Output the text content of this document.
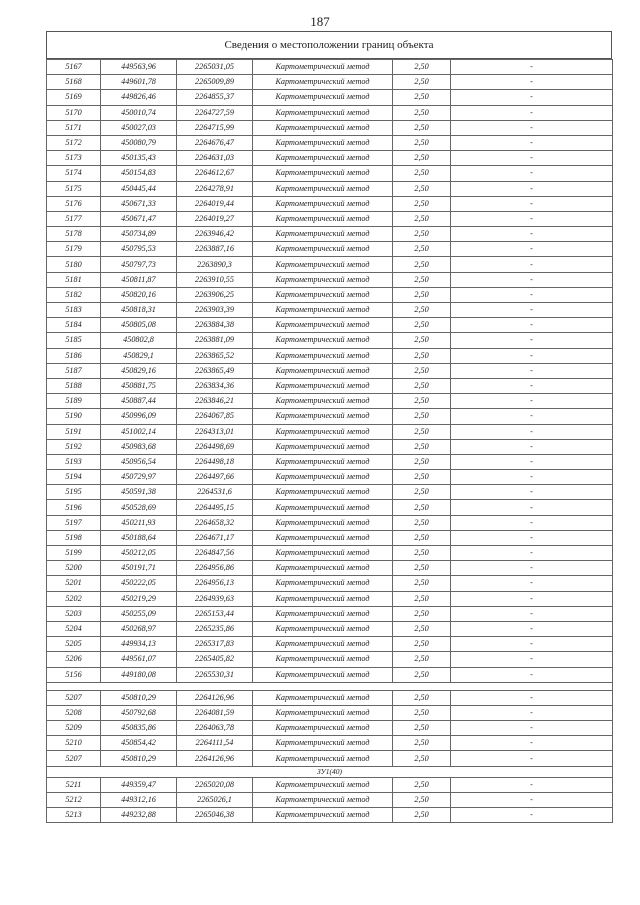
187
Сведения о местоположении границ объекта
5167	449563,96	2265031,05	Картометрический метод	2,50	-
5168	449601,78	2265009,89	Картометрический метод	2,50	-
5169	449826,46	2264855,37	Картометрический метод	2,50	-
5170	450010,74	2264727,59	Картометрический метод	2,50	-
5171	450027,03	2264715,99	Картометрический метод	2,50	-
5172	450080,79	2264676,47	Картометрический метод	2,50	-
5173	450135,43	2264631,03	Картометрический метод	2,50	-
5174	450154,83	2264612,67	Картометрический метод	2,50	-
5175	450445,44	2264278,91	Картометрический метод	2,50	-
5176	450671,33	2264019,44	Картометрический метод	2,50	-
5177	450671,47	2264019,27	Картометрический метод	2,50	-
5178	450734,89	2263946,42	Картометрический метод	2,50	-
5179	450795,53	2263887,16	Картометрический метод	2,50	-
5180	450797,73	2263890,3	Картометрический метод	2,50	-
5181	450811,87	2263910,55	Картометрический метод	2,50	-
5182	450820,16	2263906,25	Картометрический метод	2,50	-
5183	450818,31	2263903,39	Картометрический метод	2,50	-
5184	450805,08	2263884,38	Картометрический метод	2,50	-
5185	450802,8	2263881,09	Картометрический метод	2,50	-
5186	450829,1	2263865,52	Картометрический метод	2,50	-
5187	450829,16	2263865,49	Картометрический метод	2,50	-
5188	450881,75	2263834,36	Картометрический метод	2,50	-
5189	450887,44	2263846,21	Картометрический метод	2,50	-
5190	450996,09	2264067,85	Картометрический метод	2,50	-
5191	451002,14	2264313,01	Картометрический метод	2,50	-
5192	450983,68	2264498,69	Картометрический метод	2,50	-
5193	450956,54	2264498,18	Картометрический метод	2,50	-
5194	450729,97	2264497,66	Картометрический метод	2,50	-
5195	450591,38	2264531,6	Картометрический метод	2,50	-
5196	450528,69	2264495,15	Картометрический метод	2,50	-
5197	450211,93	2264658,32	Картометрический метод	2,50	-
5198	450188,64	2264671,17	Картометрический метод	2,50	-
5199	450212,05	2264847,56	Картометрический метод	2,50	-
5200	450191,71	2264956,86	Картометрический метод	2,50	-
5201	450222,05	2264956,13	Картометрический метод	2,50	-
5202	450219,29	2264939,63	Картометрический метод	2,50	-
5203	450255,09	2265153,44	Картометрический метод	2,50	-
5204	450268,97	2265235,86	Картометрический метод	2,50	-
5205	449934,13	2265317,83	Картометрический метод	2,50	-
5206	449561,07	2265405,82	Картометрический метод	2,50	-
5156	449180,08	2265530,31	Картометрический метод	2,50	-

5207	450810,29	2264126,96	Картометрический метод	2,50	-
5208	450792,68	2264081,59	Картометрический метод	2,50	-
5209	450835,86	2264063,78	Картометрический метод	2,50	-
5210	450854,42	2264111,54	Картометрический метод	2,50	-
5207	450810,29	2264126,96	Картометрический метод	2,50	-
ЗУ1(40)					
5211	449359,47	2265020,08	Картометрический метод	2,50	-
5212	449312,16	2265026,1	Картометрический метод	2,50	-
5213	449232,88	2265046,38	Картометрический метод	2,50	-
